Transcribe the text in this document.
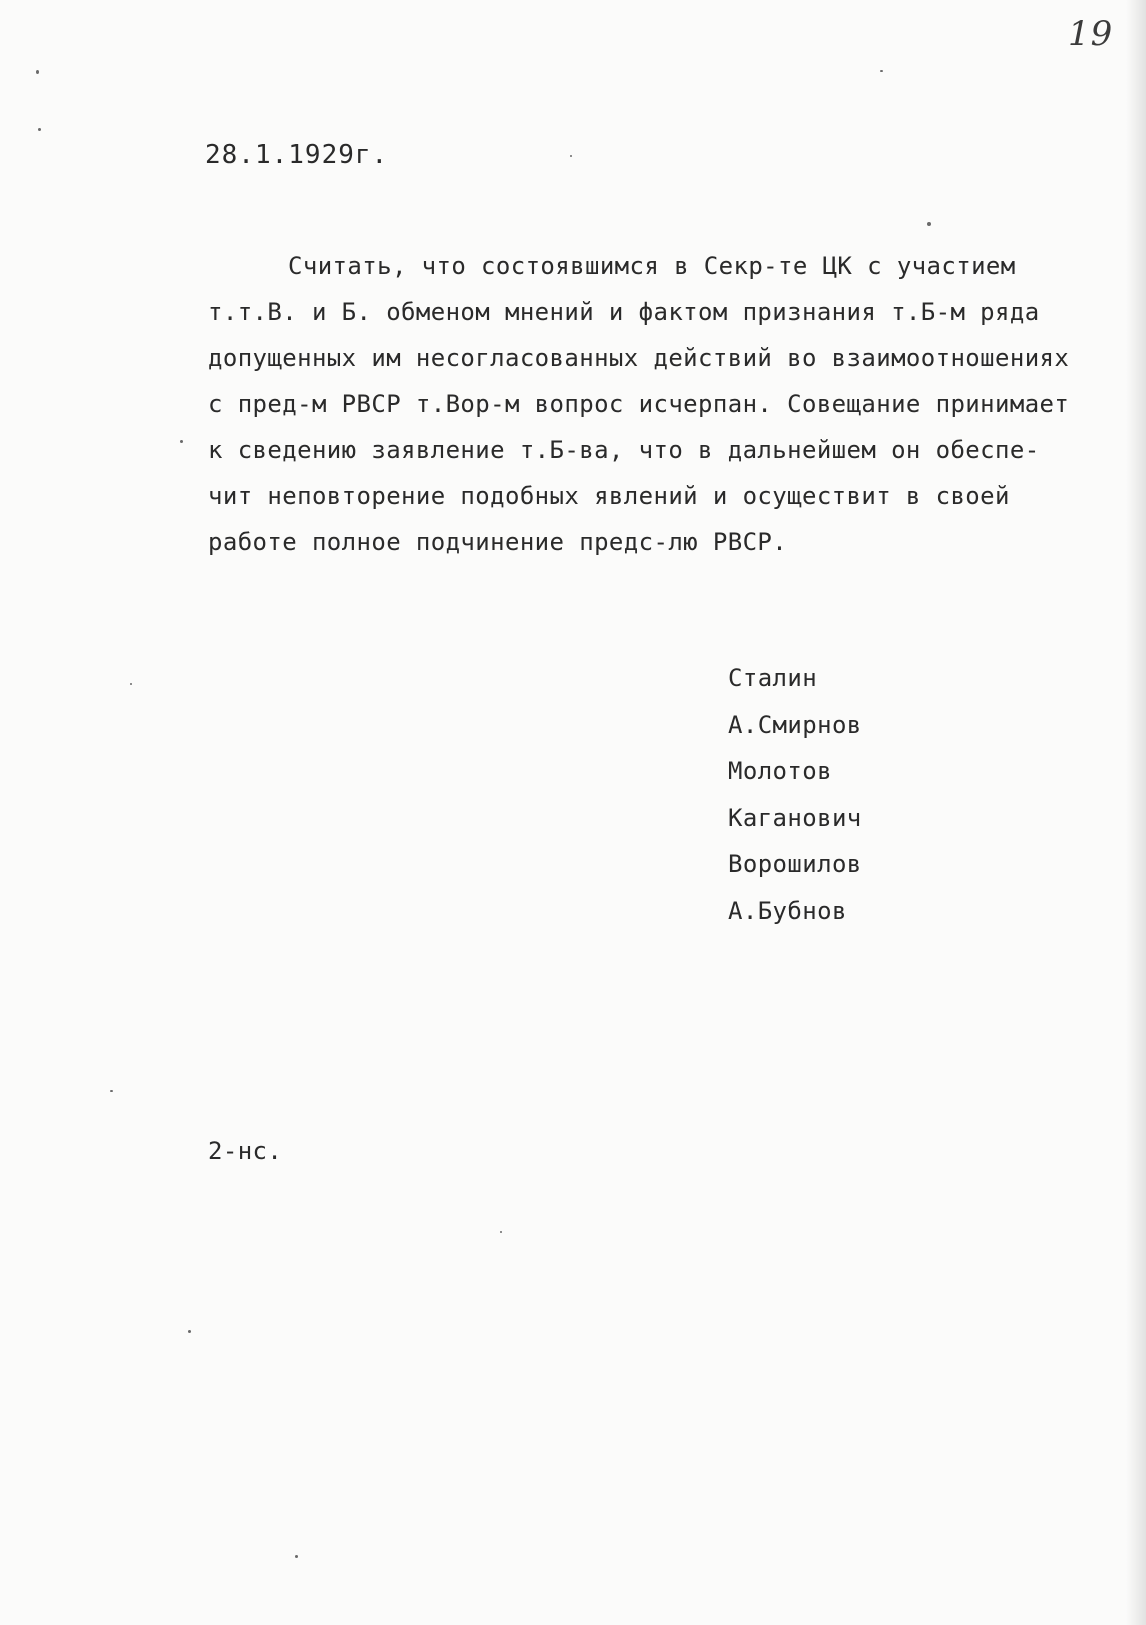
19
28.1.1929г.
Считать, что состоявшимся в Секр-те ЦК с участием
т.т.В. и Б. обменом мнений и фактом признания т.Б-м ряда
допущенных им несогласованных действий во взаимоотношениях
с пред-м РВСР т.Вор-м вопрос исчерпан. Совещание принимает
к сведению заявление т.Б-ва, что в дальнейшем он обеспе-
чит неповторение подобных явлений и осуществит в своей
работе полное подчинение предс-лю РВСР.
Сталин
А.Смирнов
Молотов
Каганович
Ворошилов
А.Бубнов
2-нс.
